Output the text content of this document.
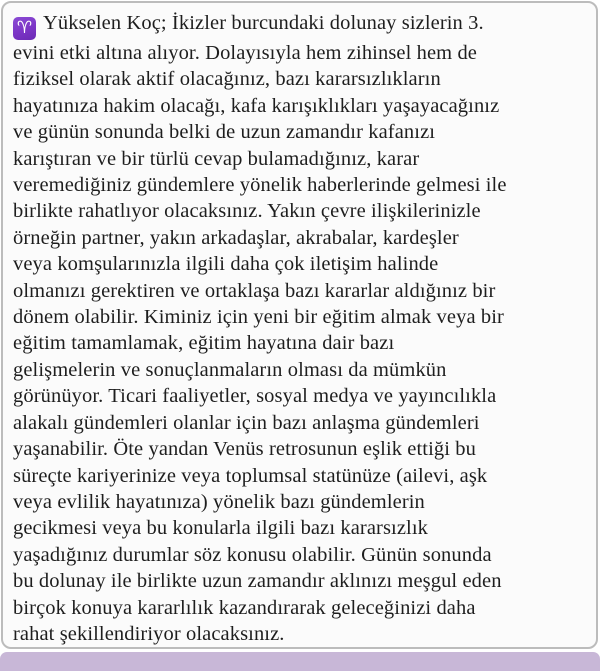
♈ Yükselen Koç; İkizler burcundaki dolunay sizlerin 3.
evini etki altına alıyor. Dolayısıyla hem zihinsel hem de
fiziksel olarak aktif olacağınız, bazı kararsızlıkların
hayatınıza hakim olacağı, kafa karışıklıkları yaşayacağınız
ve günün sonunda belki de uzun zamandır kafanızı
karıştıran ve bir türlü cevap bulamadığınız, karar
veremediğiniz gündemlere yönelik haberlerinde gelmesi ile
birlikte rahatlıyor olacaksınız. Yakın çevre ilişkilerinizle
örneğin partner, yakın arkadaşlar, akrabalar, kardeşler
veya komşularınızla ilgili daha çok iletişim halinde
olmanızı gerektiren ve ortaklaşa bazı kararlar aldığınız bir
dönem olabilir. Kiminiz için yeni bir eğitim almak veya bir
eğitim tamamlamak, eğitim hayatına dair bazı
gelişmelerin ve sonuçlanmaların olması da mümkün
görünüyor. Ticari faaliyetler, sosyal medya ve yayıncılıkla
alakalı gündemleri olanlar için bazı anlaşma gündemleri
yaşanabilir. Öte yandan Venüs retrosunun eşlik ettiği bu
süreçte kariyerinize veya toplumsal statünüze (ailevi, aşk
veya evlilik hayatınıza) yönelik bazı gündemlerin
gecikmesi veya bu konularla ilgili bazı kararsızlık
yaşadığınız durumlar söz konusu olabilir. Günün sonunda
bu dolunay ile birlikte uzun zamandır aklınızı meşgul eden
birçok konuya kararlılık kazandırarak geleceğinizi daha
rahat şekillendiriyor olacaksınız.
